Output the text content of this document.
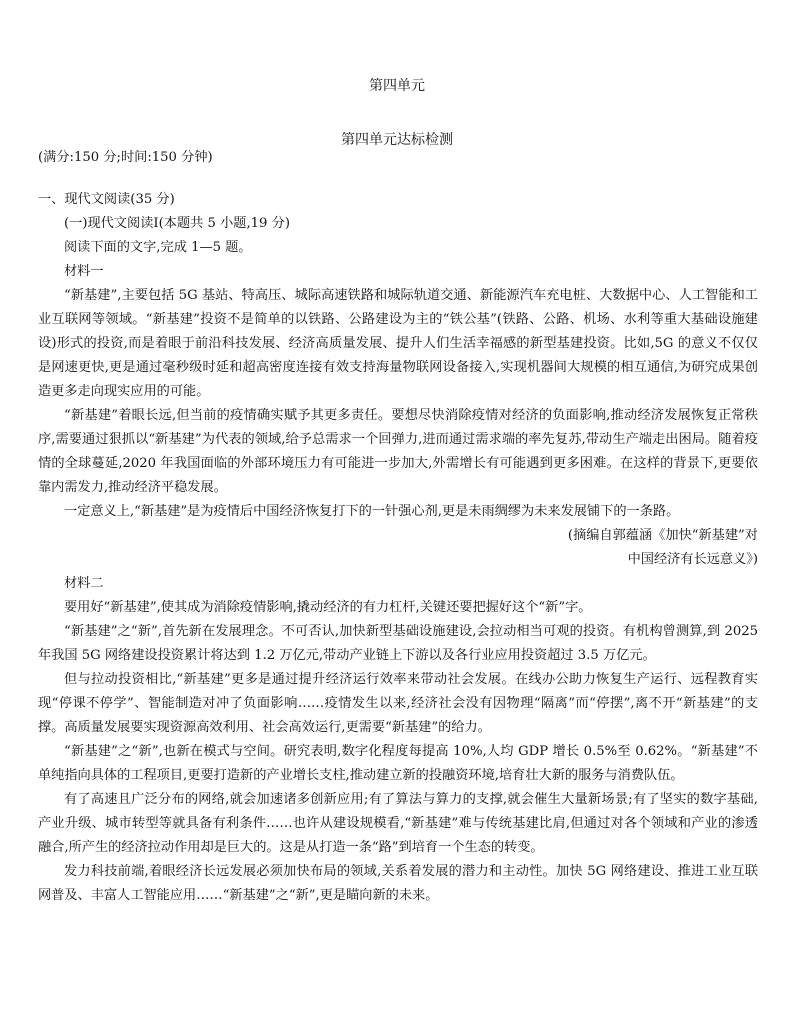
第四单元
第四单元达标检测

(满分:150 分;时间:150 分钟)

一、现代文阅读(35 分)

(一)现代文阅读Ⅰ(本题共 5 小题,19 分)

阅读下面的文字,完成 1—5 题。

材料一

“新基建”,主要包括 5G 基站、特高压、城际高速铁路和城际轨道交通、新能源汽车充电桩、大数据中心、人工智能和工业互联网等领域。“新基建”投资不是简单的以铁路、公路建设为主的“铁公基”(铁路、公路、机场、水利等重大基础设施建设)形式的投资,而是着眼于前沿科技发展、经济高质量发展、提升人们生活幸福感的新型基建投资。比如,5G 的意义不仅仅是网速更快,更是通过毫秒级时延和超高密度连接有效支持海量物联网设备接入,实现机器间大规模的相互通信,为研究成果创造更多走向现实应用的可能。

“新基建”着眼长远,但当前的疫情确实赋予其更多责任。要想尽快消除疫情对经济的负面影响,推动经济发展恢复正常秩序,需要通过狠抓以“新基建”为代表的领域,给予总需求一个回弹力,进而通过需求端的率先复苏,带动生产端走出困局。随着疫情的全球蔓延,2020 年我国面临的外部环境压力有可能进一步加大,外需增长有可能遇到更多困难。在这样的背景下,更要依靠内需发力,推动经济平稳发展。

一定意义上,“新基建”是为疫情后中国经济恢复打下的一针强心剂,更是未雨绸缪为未来发展铺下的一条路。

(摘编自郭蕴涵《加快“新基建”对

中国经济有长远意义》)

材料二

要用好“新基建”,使其成为消除疫情影响,撬动经济的有力杠杆,关键还要把握好这个“新”字。

“新基建”之“新”,首先新在发展理念。不可否认,加快新型基础设施建设,会拉动相当可观的投资。有机构曾测算,到 2025 年我国 5G 网络建设投资累计将达到 1.2 万亿元,带动产业链上下游以及各行业应用投资超过 3.5 万亿元。

但与拉动投资相比,“新基建”更多是通过提升经济运行效率来带动社会发展。在线办公助力恢复生产运行、远程教育实现“停课不停学”、智能制造对冲了负面影响……疫情发生以来,经济社会没有因物理“隔离”而“停摆”,离不开“新基建”的支撑。高质量发展要实现资源高效利用、社会高效运行,更需要“新基建”的给力。

“新基建”之“新”,也新在模式与空间。研究表明,数字化程度每提高 10%,人均 GDP 增长 0.5%至 0.62%。“新基建”不单纯指向具体的工程项目,更要打造新的产业增长支柱,推动建立新的投融资环境,培育壮大新的服务与消费队伍。

有了高速且广泛分布的网络,就会加速诸多创新应用;有了算法与算力的支撑,就会催生大量新场景;有了坚实的数字基础,产业升级、城市转型等就具备有利条件……也许从建设规模看,“新基建”难与传统基建比肩,但通过对各个领域和产业的渗透融合,所产生的经济拉动作用却是巨大的。这是从打造一条“路”到培育一个生态的转变。

发力科技前端,着眼经济长远发展必须加快布局的领域,关系着发展的潜力和主动性。加快 5G 网络建设、推进工业互联网普及、丰富人工智能应用……“新基建”之“新”,更是瞄向新的未来。
